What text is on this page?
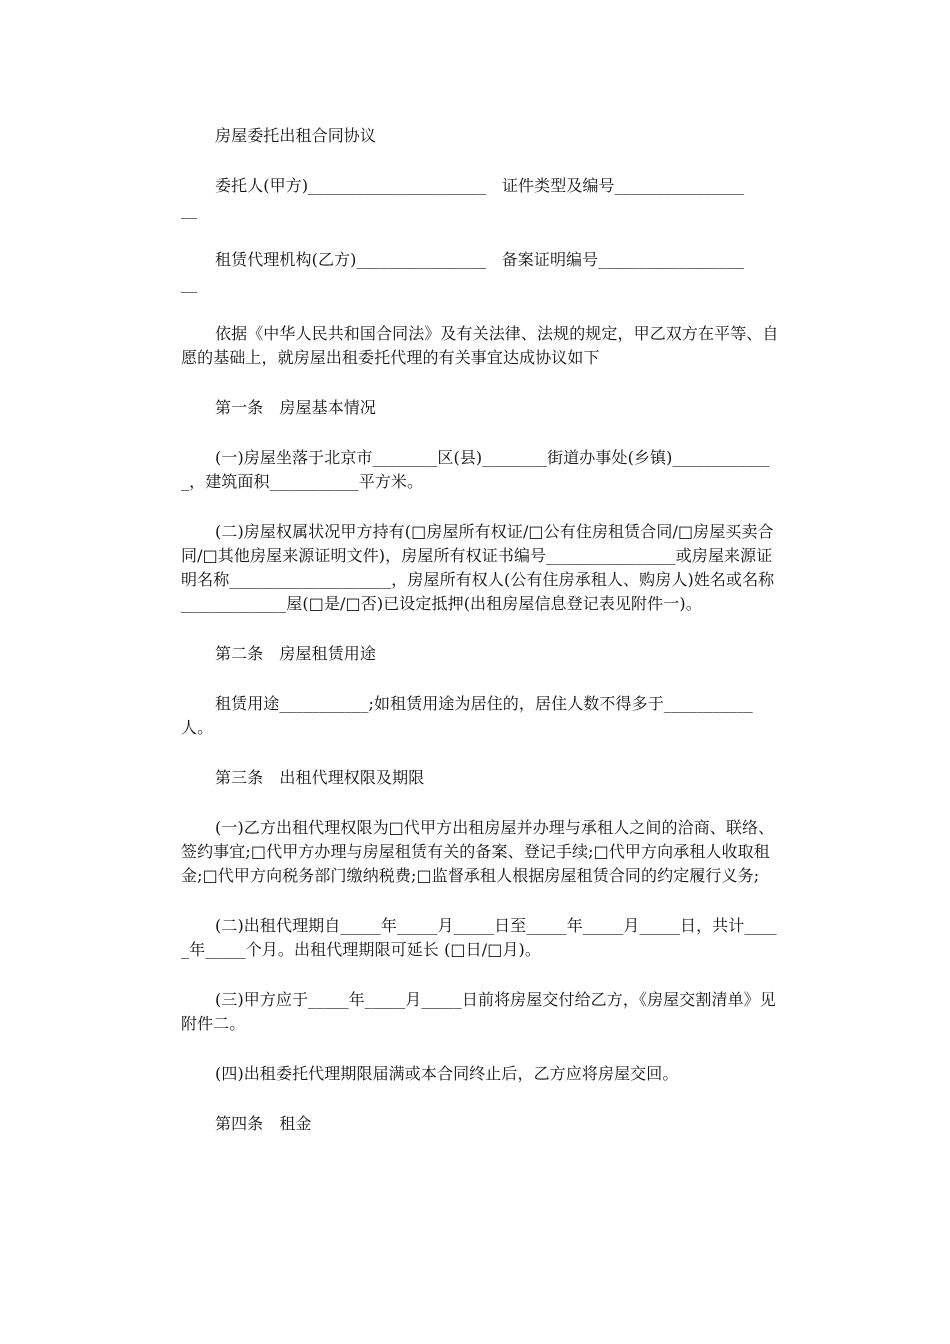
房屋委托出租合同协议

委托人(甲方)______________________   证件类型及编号________________
__

租赁代理机构(乙方)________________   备案证明编号__________________
__

依据《中华人民共和国合同法》及有关法律、法规的规定，甲乙双方在平等、自愿的基础上，就房屋出租委托代理的有关事宜达成协议如下

第一条　房屋基本情况

(一)房屋坐落于北京市________区(县)________街道办事处(乡镇)_____________，建筑面积___________平方米。

(二)房屋权属状况甲方持有(□房屋所有权证/□公有住房租赁合同/□房屋买卖合同/□其他房屋来源证明文件)，房屋所有权证书编号________________或房屋来源证明名称____________________，房屋所有权人(公有住房承租人、购房人)姓名或名称_____________屋(□是/□否)已设定抵押(出租房屋信息登记表见附件一)。

第二条　房屋租赁用途

租赁用途___________;如租赁用途为居住的，居住人数不得多于___________人。

第三条　出租代理权限及期限

(一)乙方出租代理权限为□代甲方出租房屋并办理与承租人之间的洽商、联络、签约事宜;□代甲方办理与房屋租赁有关的备案、登记手续;□代甲方向承租人收取租金;□代甲方向税务部门缴纳税费;□监督承租人根据房屋租赁合同的约定履行义务;

(二)出租代理期自_____年_____月_____日至_____年_____月_____日，共计_____年_____个月。出租代理期限可延长 (□日/□月)。

(三)甲方应于_____年_____月_____日前将房屋交付给乙方，《房屋交割清单》见附件二。

(四)出租委托代理期限届满或本合同终止后，乙方应将房屋交回。

第四条　租金
